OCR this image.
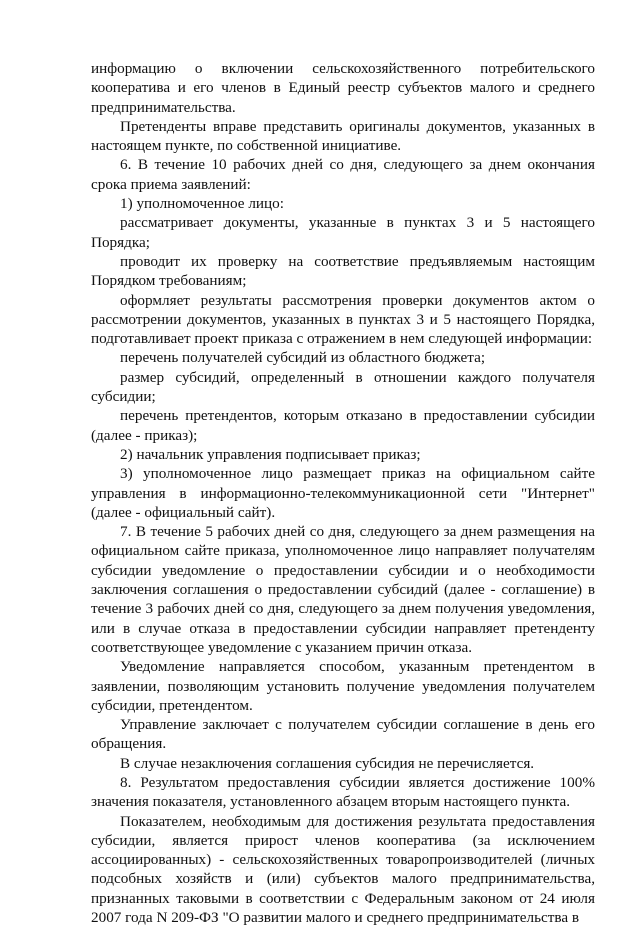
информацию о включении сельскохозяйственного потребительского кооператива и его членов в Единый реестр субъектов малого и среднего предпринимательства.

Претенденты вправе представить оригиналы документов, указанных в настоящем пункте, по собственной инициативе.

6. В течение 10 рабочих дней со дня, следующего за днем окончания срока приема заявлений:

1) уполномоченное лицо:

рассматривает документы, указанные в пунктах 3 и 5 настоящего Порядка;

проводит их проверку на соответствие предъявляемым настоящим Порядком требованиям;

оформляет результаты рассмотрения проверки документов актом о рассмотрении документов, указанных в пунктах 3 и 5 настоящего Порядка, подготавливает проект приказа с отражением в нем следующей информации:

перечень получателей субсидий из областного бюджета;

размер субсидий, определенный в отношении каждого получателя субсидии;

перечень претендентов, которым отказано в предоставлении субсидии (далее - приказ);

2) начальник управления подписывает приказ;

3) уполномоченное лицо размещает приказ на официальном сайте управления в информационно-телекоммуникационной сети "Интернет" (далее - официальный сайт).

7. В течение 5 рабочих дней со дня, следующего за днем размещения на официальном сайте приказа, уполномоченное лицо направляет получателям субсидии уведомление о предоставлении субсидии и о необходимости заключения соглашения о предоставлении субсидий (далее - соглашение) в течение 3 рабочих дней со дня, следующего за днем получения уведомления, или в случае отказа в предоставлении субсидии направляет претенденту соответствующее уведомление с указанием причин отказа.

Уведомление направляется способом, указанным претендентом в заявлении, позволяющим установить получение уведомления получателем субсидии, претендентом.

Управление заключает с получателем субсидии соглашение в день его обращения.

В случае незаключения соглашения субсидия не перечисляется.

8. Результатом предоставления субсидии является достижение 100% значения показателя, установленного абзацем вторым настоящего пункта.

Показателем, необходимым для достижения результата предоставления субсидии, является прирост членов кооператива (за исключением ассоциированных) - сельскохозяйственных товаропроизводителей (личных подсобных хозяйств и (или) субъектов малого предпринимательства, признанных таковыми в соответствии с Федеральным законом от 24 июля 2007 года N 209-ФЗ "О развитии малого и среднего предпринимательства в
